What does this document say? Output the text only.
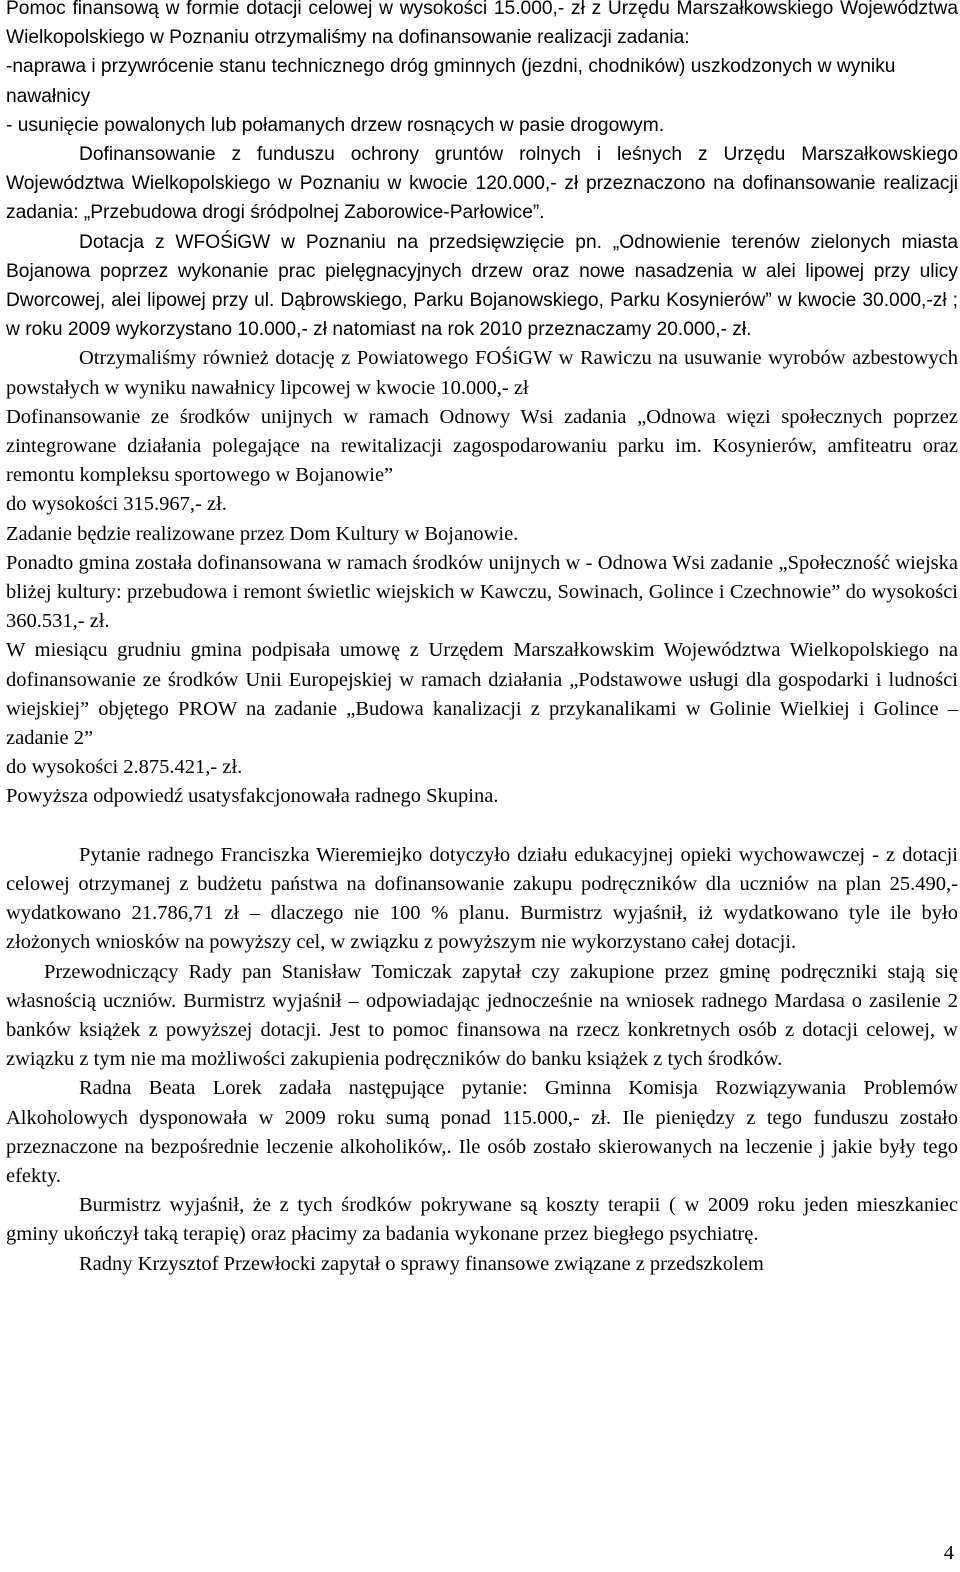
Pomoc finansową w formie dotacji celowej w wysokości 15.000,- zł z Urzędu Marszałkowskiego Województwa Wielkopolskiego w Poznaniu otrzymaliśmy na dofinansowanie realizacji zadania:

-naprawa i przywrócenie stanu technicznego dróg gminnych (jezdni, chodników) uszkodzonych w wyniku nawałnicy

- usunięcie powalonych lub połamanych drzew rosnących w pasie drogowym.

Dofinansowanie z funduszu ochrony gruntów rolnych i leśnych z Urzędu Marszałkowskiego Województwa Wielkopolskiego w Poznaniu w kwocie 120.000,- zł przeznaczono na dofinansowanie realizacji zadania: „Przebudowa drogi śródpolnej Zaborowice-Parłowice”.

Dotacja z WFOŚiGW w Poznaniu na przedsięwzięcie pn. „Odnowienie terenów zielonych miasta Bojanowa poprzez wykonanie prac pielęgnacyjnych drzew oraz nowe nasadzenia w alei lipowej przy ulicy Dworcowej, alei lipowej przy ul. Dąbrowskiego, Parku Bojanowskiego, Parku Kosynierów” w kwocie 30.000,-zł ; w roku 2009 wykorzystano 10.000,- zł natomiast na rok 2010 przeznaczamy 20.000,- zł.

Otrzymaliśmy również dotację z Powiatowego FOŚiGW w Rawiczu na usuwanie wyrobów azbestowych powstałych w wyniku nawałnicy lipcowej w kwocie 10.000,- zł

Dofinansowanie ze środków unijnych w ramach Odnowy Wsi zadania „Odnowa więzi społecznych poprzez zintegrowane działania polegające na rewitalizacji zagospodarowaniu parku im. Kosynierów, amfiteatru oraz remontu kompleksu sportowego w Bojanowie”

do wysokości 315.967,- zł.

Zadanie będzie realizowane przez Dom Kultury w Bojanowie.

Ponadto gmina została dofinansowana w ramach środków unijnych w - Odnowa Wsi zadanie „Społeczność wiejska bliżej kultury: przebudowa i remont świetlic wiejskich w Kawczu, Sowinach, Golince i Czechnowie” do wysokości 360.531,- zł.

W miesiącu grudniu gmina podpisała umowę z Urzędem Marszałkowskim Województwa Wielkopolskiego na dofinansowanie ze środków Unii Europejskiej w ramach działania „Podstawowe usługi dla gospodarki i ludności wiejskiej” objętego PROW na zadanie „Budowa kanalizacji z przykanalikami w Golinie Wielkiej i Golince – zadanie 2”

do wysokości 2.875.421,- zł.

Powyższa odpowiedź usatysfakcjonowała radnego Skupina.

Pytanie radnego Franciszka Wieremiejko dotyczyło działu edukacyjnej opieki wychowawczej - z dotacji celowej otrzymanej z budżetu państwa na dofinansowanie zakupu podręczników dla uczniów na plan 25.490,- wydatkowano 21.786,71 zł – dlaczego nie 100 % planu. Burmistrz wyjaśnił, iż wydatkowano tyle ile było złożonych wniosków na powyższy cel, w związku z powyższym nie wykorzystano całej dotacji.

Przewodniczący Rady pan Stanisław Tomiczak zapytał czy zakupione przez gminę podręczniki stają się własnością uczniów. Burmistrz wyjaśnił – odpowiadając jednocześnie na wniosek radnego Mardasa o zasilenie 2 banków książek z powyższej dotacji. Jest to pomoc finansowa na rzecz konkretnych osób z dotacji celowej, w związku z tym nie ma możliwości zakupienia podręczników do banku książek z tych środków.

Radna Beata Lorek zadała następujące pytanie: Gminna Komisja Rozwiązywania Problemów Alkoholowych dysponowała w 2009 roku sumą ponad 115.000,- zł. Ile pieniędzy z tego funduszu zostało przeznaczone na bezpośrednie leczenie alkoholików,. Ile osób zostało skierowanych na leczenie j jakie były tego efekty.

Burmistrz wyjaśnił, że z tych środków pokrywane są koszty terapii ( w 2009 roku jeden mieszkaniec gminy ukończył taką terapię) oraz płacimy za badania wykonane przez biegłego psychiatrę.

Radny Krzysztof Przewłocki zapytał o sprawy finansowe związane z przedszkolem

4
